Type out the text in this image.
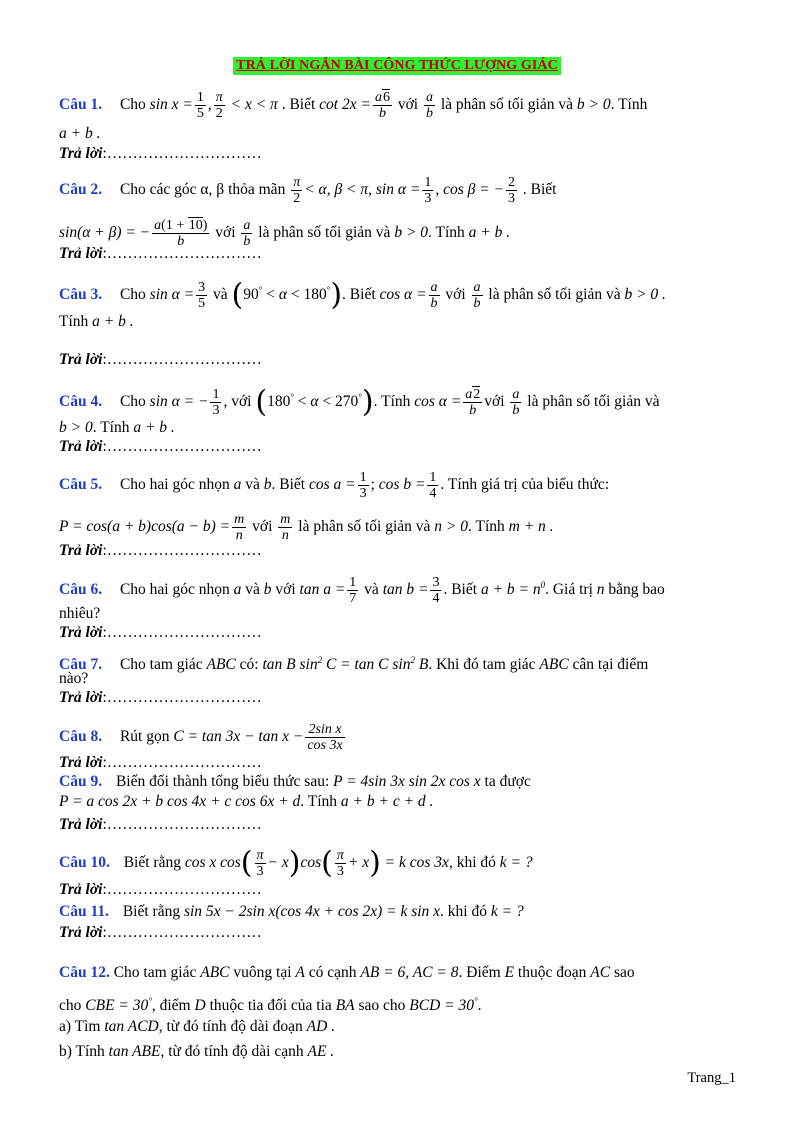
TRẢ LỜI NGẮN BÀI CÔNG THỨC LƯỢNG GIÁC
Câu 1. Cho $\sin x = \frac{1}{5}$ , $\frac{\pi}{2} < x < \pi$ . Biết $\cot 2x = \frac{a6}{b}$ với $\frac{a}{b}$ là phân số tối giản và b > 0. Tính
a + b .
Trả lời:…………………………
Câu 2. Cho các góc α, β thỏa mãn $\frac{\pi}{2} < \alpha$, β < π, $\sin \alpha = \frac{1}{3}$ , cos β = − $\frac{2}{3}$ . Biết
sin(α + β) = − $\frac{a(1 + 10)}{b}$ với $\frac{a}{b}$ là phân số tối giản và b > 0. Tính a + b .
Trả lời:…………………………
Câu 3. Cho $\sin \alpha = \frac{3}{5}$ và (90° < α < 180°). Biết $\cos \alpha = \frac{a}{b}$ với $\frac{a}{b}$ là phân số tối giản và b > 0 .
Tính a + b .
Trả lời:…………………………
Câu 4. Cho sin α = − $\frac{1}{3}$ , với (180° < α < 270°). Tính $\cos \alpha = \frac{a2}{b}$ với $\frac{a}{b}$ là phân số tối giản và
b > 0. Tính a + b .
Trả lời:…………………………
Câu 5. Cho hai góc nhọn a và b. Biết $\cos a = \frac{1}{3}$ ; $\cos b = \frac{1}{4}$ . Tính giá trị của biểu thức:
$P = \cos(a + b)\cos(a - b) = \frac{m}{n}$ với $\frac{m}{n}$ là phân số tối giản và n > 0. Tính m + n .
Trả lời:…………………………
Câu 6. Cho hai góc nhọn a và b với $\tan a = \frac{1}{7}$ và $\tan b = \frac{3}{4}$ . Biết $a + b = n^0$. Giá trị n bằng bao
nhiêu?
Trả lời:…………………………
Câu 7. Cho tam giác ABC có: tan B $\sin^2 C = \tan C$ $\sin^2 B$. Khi đó tam giác ABC cân tại điểm
nào?
Trả lời:…………………………
Câu 8. Rút gọn $C = \tan 3x - \tan x - \frac{\text{2sin x}}{\cos 3x}$
Trả lời:…………………………
Câu 9. Biến đổi thành tổng biểu thức sau: P = 4sin 3x sin 2x cos x ta được
P = a cos 2x + b cos 4x + c cos 6x + d. Tính a + b + c + d .
Trả lời:…………………………
Câu 10. Biết rằng cos x $\cos( \frac{\pi}{3} - x)\cos( \frac{\pi}{3} + x) = k$ cos 3x, khi đó k = ?
Trả lời:…………………………
Câu 11. Biết rằng sin 5x − 2sin x(cos 4x + cos 2x) = k sin x. khi đó k = ?
Trả lời:…………………………
Câu 12. Cho tam giác ABC vuông tại A có cạnh AB = 6, AC = 8. Điểm E thuộc đoạn AC sao
cho CBE = 30°, điểm D thuộc tia đối của tia BA sao cho BCD = 30°.
a) Tìm tan ACD, từ đó tính độ dài đoạn AD .
b) Tính tan ABE, từ đó tính độ dài cạnh AE .
Trang_1
